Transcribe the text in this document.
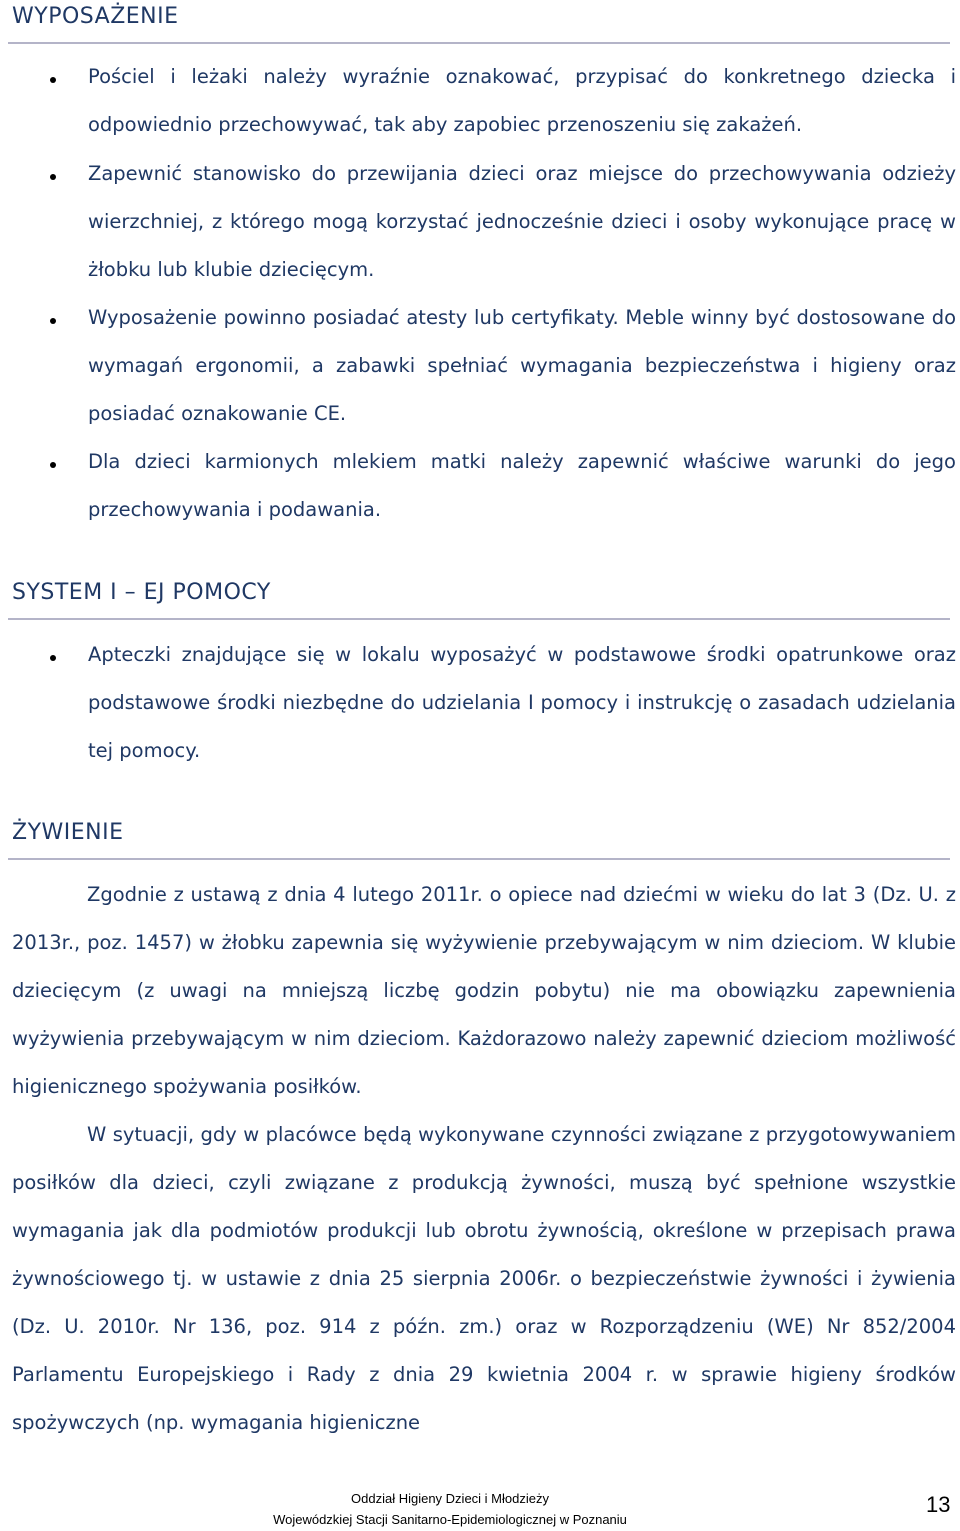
WYPOSAŻENIE
Pościel i leżaki należy wyraźnie oznakować, przypisać do konkretnego dziecka i odpowiednio przechowywać, tak aby zapobiec przenoszeniu się zakażeń.
Zapewnić stanowisko do przewijania dzieci oraz miejsce do przechowywania odzieży wierzchniej, z którego mogą korzystać jednocześnie dzieci i osoby wykonujące pracę w żłobku lub klubie dziecięcym.
Wyposażenie powinno posiadać atesty lub certyfikaty. Meble winny być dostosowane do wymagań ergonomii, a zabawki spełniać wymagania bezpieczeństwa i higieny oraz posiadać oznakowanie CE.
Dla dzieci karmionych mlekiem matki należy zapewnić właściwe warunki do jego przechowywania i podawania.
SYSTEM I – EJ POMOCY
Apteczki znajdujące się w lokalu wyposażyć w podstawowe środki opatrunkowe oraz podstawowe środki niezbędne do udzielania I pomocy i instrukcję o zasadach udzielania tej pomocy.
ŻYWIENIE
Zgodnie z ustawą z dnia 4 lutego 2011r. o opiece nad dziećmi w wieku do lat 3 (Dz. U. z 2013r., poz. 1457) w żłobku zapewnia się wyżywienie przebywającym w nim dzieciom. W klubie dziecięcym (z uwagi na mniejszą liczbę godzin pobytu) nie ma obowiązku zapewnienia wyżywienia przebywającym w nim dzieciom. Każdorazowo należy zapewnić dzieciom możliwość higienicznego spożywania posiłków.
W sytuacji, gdy w placówce będą wykonywane czynności związane z przygotowywaniem posiłków dla dzieci, czyli związane z produkcją żywności, muszą być spełnione wszystkie wymagania jak dla podmiotów produkcji lub obrotu żywnością, określone w przepisach prawa żywnościowego tj. w ustawie z dnia 25 sierpnia 2006r. o bezpieczeństwie żywności i żywienia (Dz. U. 2010r. Nr 136, poz. 914 z późn. zm.) oraz w Rozporządzeniu (WE) Nr 852/2004 Parlamentu Europejskiego i Rady z dnia 29 kwietnia 2004 r. w sprawie higieny środków spożywczych (np. wymagania higieniczne
Oddział Higieny Dzieci i Młodzieży
Wojewódzkiej Stacji Sanitarno-Epidemiologicznej w Poznaniu
13
